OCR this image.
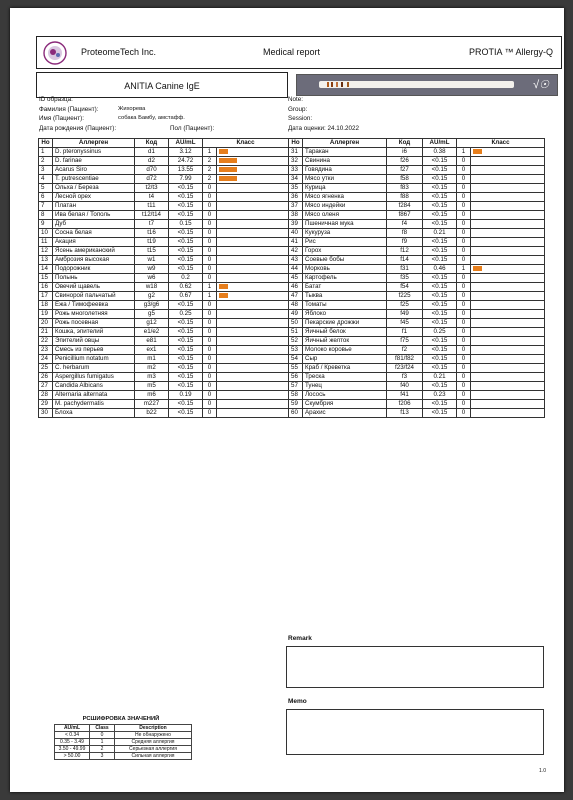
ProteomeTech Inc.	Medical report	PROTIA ™ Allergy-Q
ANITIA Canine IgE	√☉
ID образца:
Фамилия (Пациент):	Жихорева
Имя (Пациент):	собака Бамбу, амстафф.
Дата рождения (Пациент):	Пол (Пациент):
Note:
Group:
Session:
Дата оценки: 24.10.2022
Но	Аллерген	Код	AU/mL	Класс	
1	D. pteronyssinus	d1	3.12	1	
2	D. farinae	d2	24.72	2	
3	Acarus Siro	d70	13.55	2	
4	T. putrescentiae	d72	7.99	2	
5	Ольха / Береза	t2/t3	<0.15	0	
6	Лесной орех	t4	<0.15	0	
7	Платан	t11	<0.15	0	
8	Ива белая / Тополь	t12/t14	<0.15	0	
9	Дуб	t7	0.15	0	
10	Сосна белая	t16	<0.15	0	
11	Акация	t19	<0.15	0	
12	Ясень американский	t15	<0.15	0	
13	Амброзия высокая	w1	<0.15	0	
14	Подорожник	w9	<0.15	0	
15	Полынь	w6	0.2	0	
16	Овечий щавель	w18	0.62	1	
17	Свинорой пальчатый	g2	0.67	1	
18	Ежа / Тимофеевка	g3/g6	<0.15	0	
19	Рожь многолетняя	g5	0.25	0	
20	Рожь посевная	g12	<0.15	0	
21	Кошка, эпителий	e1/e2	<0.15	0	
22	Эпителий овцы	e81	<0.15	0	
23	Смесь из перьев	ex1	<0.15	0	
24	Penicillium notatum	m1	<0.15	0	
25	C. herbarum	m2	<0.15	0	
26	Aspergillus fumigatus	m3	<0.15	0	
27	Candida Albicans	m5	<0.15	0	
28	Alternaria alternata	m6	0.19	0	
29	M. pachydermatis	m227	<0.15	0	
30	Блоха	b22	<0.15	0	
Но	Аллерген	Код	AU/mL	Класс	
31	Таракан	i6	0.38	1	
32	Свинина	f26	<0.15	0	
33	Говядина	f27	<0.15	0	
34	Мясо утки	f58	<0.15	0	
35	Курица	f83	<0.15	0	
36	Мясо ягненка	f88	<0.15	0	
37	Мясо индейки	f284	<0.15	0	
38	Мясо оленя	f867	<0.15	0	
39	Пшеничная мука	f4	<0.15	0	
40	Кукуруза	f8	0.21	0	
41	Рис	f9	<0.15	0	
42	Горох	f12	<0.15	0	
43	Соевые бобы	f14	<0.15	0	
44	Морковь	f31	0.46	1	
45	Картофель	f35	<0.15	0	
46	Батат	f54	<0.15	0	
47	Тыква	f225	<0.15	0	
48	Томаты	f25	<0.15	0	
49	Яблоко	f49	<0.15	0	
50	Пекарские дрожжи	f45	<0.15	0	
51	Яичный белок	f1	0.25	0	
52	Яичный желток	f75	<0.15	0	
53	Молоко коровье	f2	<0.15	0	
54	Сыр	f81/f82	<0.15	0	
55	Краб / Креветка	f23/f24	<0.15	0	
56	Треска	f3	0.21	0	
57	Тунец	f40	<0.15	0	
58	Лосось	f41	0.23	0	
59	Скумбрия	f206	<0.15	0	
60	Арахис	f13	<0.15	0	
Remark
Memo
РСШИФРОВКА ЗНАЧЕНИЙ
AU/mL	Class	Description
< 0.34	0	Не обнаружено
0.35 - 3.49	1	Средняя аллергия
3.50 - 49.99	2	Серьезная аллергия
> 50.00	3	Сильная аллергия
1.0
